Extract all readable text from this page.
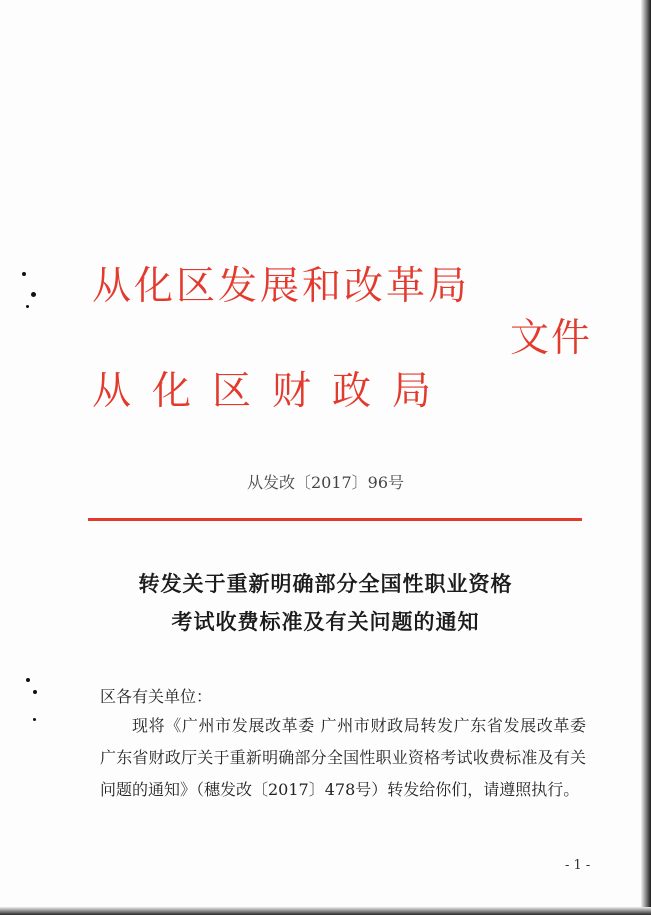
从化区发展和改革局
文件
从化区财政局
从发改〔2017〕96号
转发关于重新明确部分全国性职业资格
考试收费标准及有关问题的通知
区各有关单位：

现将《广州市发展改革委 广州市财政局转发广东省发展改革委 广东省财政厅关于重新明确部分全国性职业资格考试收费标准及有关问题的通知》（穗发改〔2017〕478号）转发给你们，请遵照执行。

- 1 -
